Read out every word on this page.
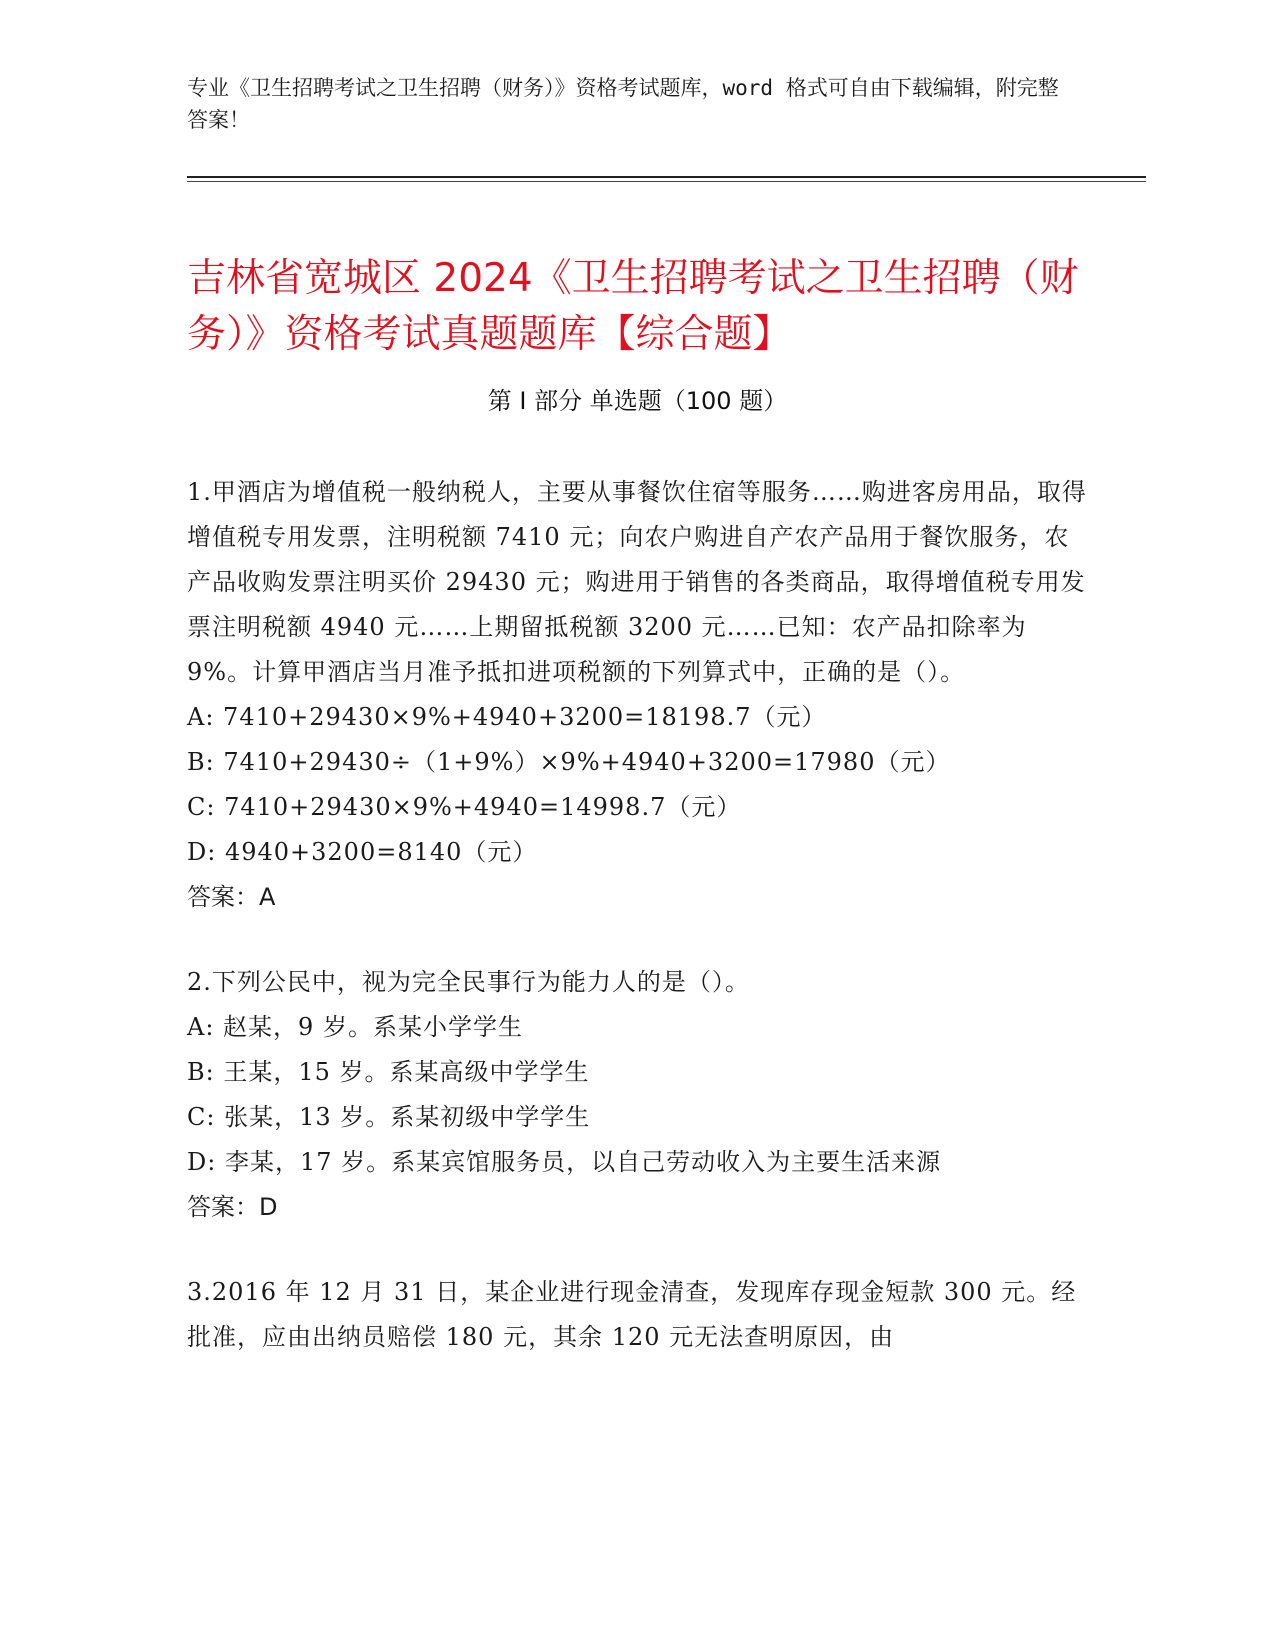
专业《卫生招聘考试之卫生招聘（财务）》资格考试题库，word 格式可自由下载编辑，附完整答案！
吉林省宽城区 2024《卫生招聘考试之卫生招聘（财务）》资格考试真题题库【综合题】
第 I 部分 单选题（100 题）
1.甲酒店为增值税一般纳税人，主要从事餐饮住宿等服务……购进客房用品，取得增值税专用发票，注明税额 7410 元；向农户购进自产农产品用于餐饮服务，农产品收购发票注明买价 29430 元；购进用于销售的各类商品，取得增值税专用发票注明税额 4940 元……上期留抵税额 3200 元……已知：农产品扣除率为 9%。计算甲酒店当月准予抵扣进项税额的下列算式中，正确的是（）。
A: 7410+29430×9%+4940+3200=18198.7（元）
B: 7410+29430÷（1+9%）×9%+4940+3200=17980（元）
C: 7410+29430×9%+4940=14998.7（元）
D: 4940+3200=8140（元）
答案：A
2.下列公民中，视为完全民事行为能力人的是（）。
A: 赵某，9 岁。系某小学学生
B: 王某，15 岁。系某高级中学学生
C: 张某，13 岁。系某初级中学学生
D: 李某，17 岁。系某宾馆服务员，以自己劳动收入为主要生活来源
答案：D
3.2016 年 12 月 31 日，某企业进行现金清查，发现库存现金短款 300 元。经批准，应由出纳员赔偿 180 元，其余 120 元无法查明原因，由
